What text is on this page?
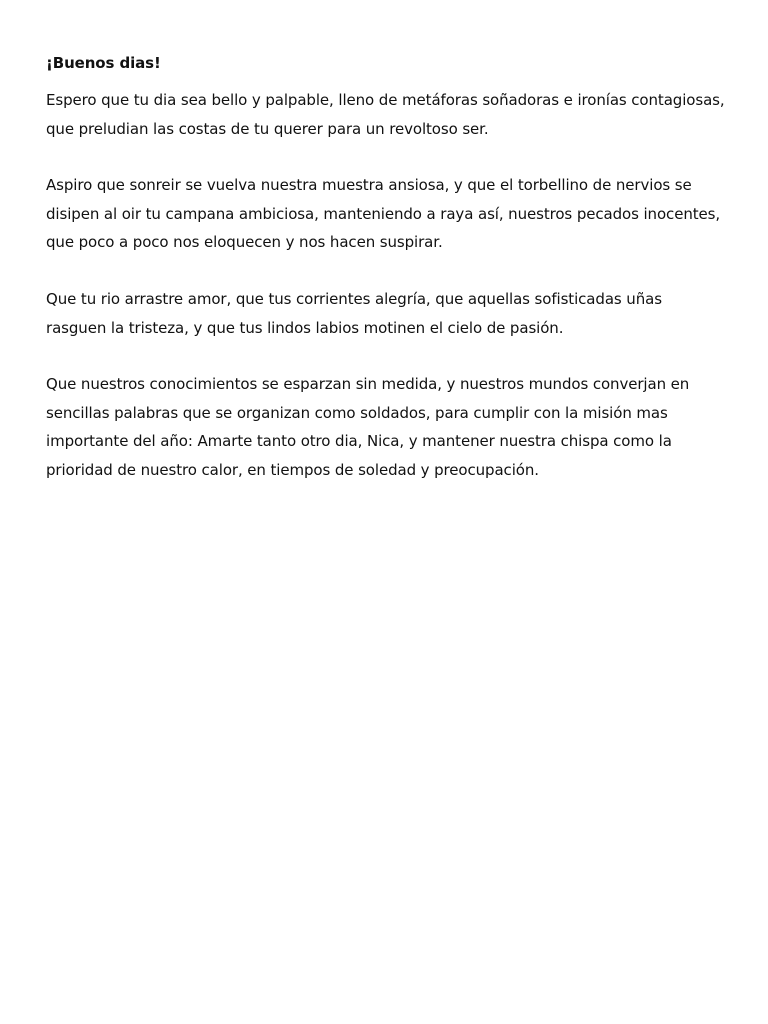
¡Buenos dias!

Espero que tu dia sea bello y palpable, lleno de metáforas soñadoras e ironías contagiosas, que preludian las costas de tu querer para un revoltoso ser.

Aspiro que sonreir se vuelva nuestra muestra ansiosa, y que el torbellino de nervios se disipen al oir tu campana ambiciosa, manteniendo a raya así, nuestros pecados inocentes, que poco a poco nos eloquecen y nos hacen suspirar.

Que tu rio arrastre amor, que tus corrientes alegría, que aquellas sofisticadas uñas rasguen la tristeza, y que tus lindos labios motinen el cielo de pasión.

Que nuestros conocimientos se esparzan sin medida, y nuestros mundos converjan en sencillas palabras que se organizan como soldados, para cumplir con la misión mas importante del año: Amarte tanto otro dia, Nica, y mantener nuestra chispa como la prioridad de nuestro calor, en tiempos de soledad y preocupación.
